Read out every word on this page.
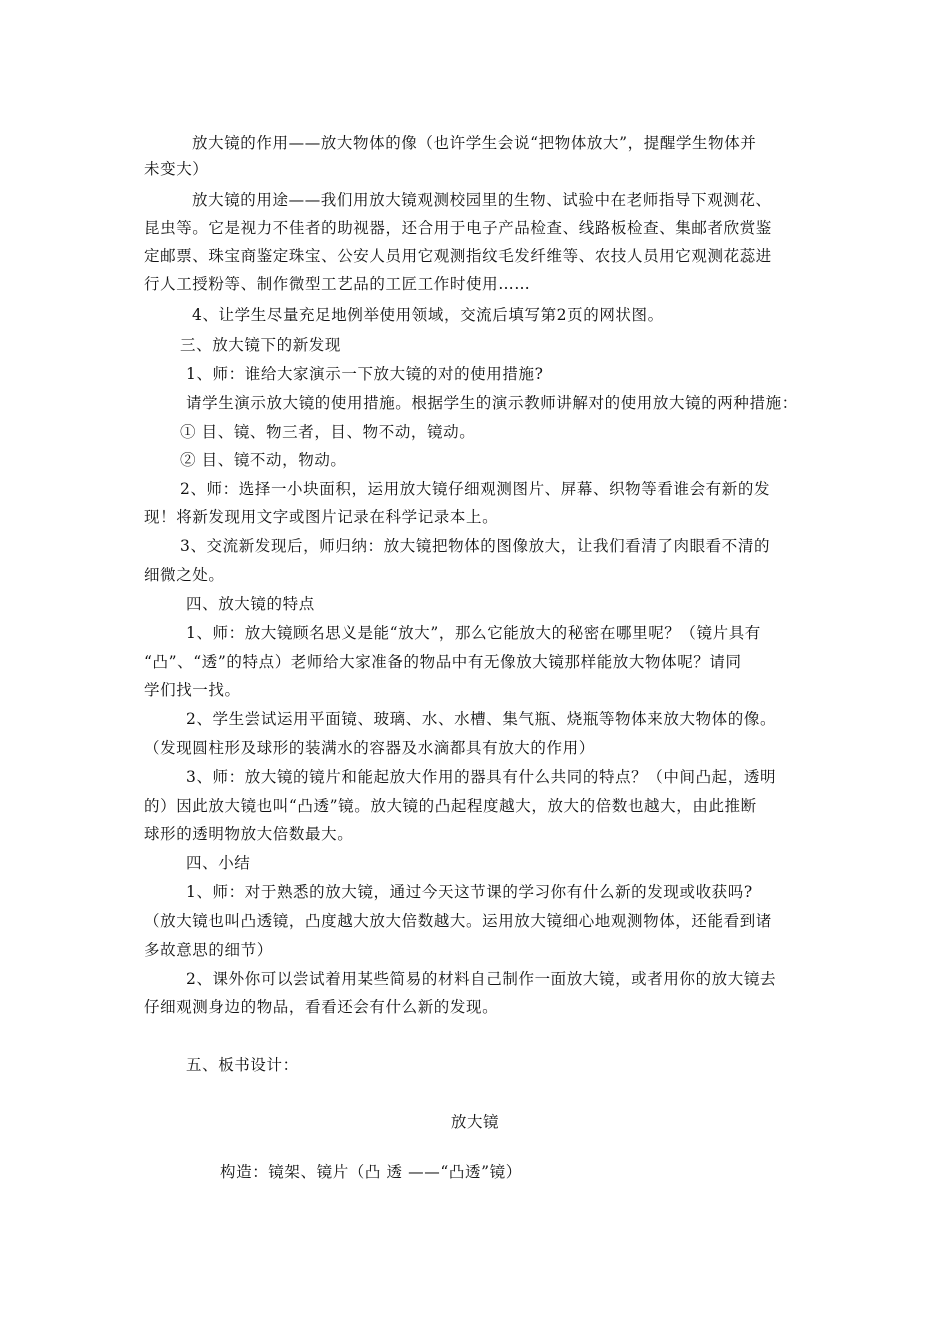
放大镜的作用——放大物体的像（也许学生会说“把物体放大”，提醒学生物体并
未变大）
放大镜的用途——我们用放大镜观测校园里的生物、试验中在老师指导下观测花、
昆虫等。它是视力不佳者的助视器，还合用于电子产品检查、线路板检查、集邮者欣赏鉴
定邮票、珠宝商鉴定珠宝、公安人员用它观测指纹毛发纤维等、农技人员用它观测花蕊进
行人工授粉等、制作微型工艺品的工匠工作时使用……
4、让学生尽量充足地例举使用领域，交流后填写第2页的网状图。
三、放大镜下的新发现
1、师：谁给大家演示一下放大镜的对的使用措施?
请学生演示放大镜的使用措施。根据学生的演示教师讲解对的使用放大镜的两种措施：
① 目、镜、物三者，目、物不动，镜动。
② 目、镜不动，物动。
2、师：选择一小块面积，运用放大镜仔细观测图片、屏幕、织物等看谁会有新的发
现！将新发现用文字或图片记录在科学记录本上。
3、交流新发现后，师归纳：放大镜把物体的图像放大，让我们看清了肉眼看不清的
细微之处。
四、放大镜的特点
1、师：放大镜顾名思义是能“放大”，那么它能放大的秘密在哪里呢？（镜片具有
“凸”、“透”的特点）老师给大家准备的物品中有无像放大镜那样能放大物体呢？请同
学们找一找。
2、学生尝试运用平面镜、玻璃、水、水槽、集气瓶、烧瓶等物体来放大物体的像。
（发现圆柱形及球形的装满水的容器及水滴都具有放大的作用）
3、师：放大镜的镜片和能起放大作用的器具有什么共同的特点？（中间凸起，透明
的）因此放大镜也叫“凸透”镜。放大镜的凸起程度越大，放大的倍数也越大，由此推断
球形的透明物放大倍数最大。
四、小结
1、师：对于熟悉的放大镜，通过今天这节课的学习你有什么新的发现或收获吗?
（放大镜也叫凸透镜，凸度越大放大倍数越大。运用放大镜细心地观测物体，还能看到诸
多故意思的细节）
2、课外你可以尝试着用某些简易的材料自己制作一面放大镜，或者用你的放大镜去
仔细观测身边的物品，看看还会有什么新的发现。
五、板书设计：
放大镜
构造：镜架、镜片（凸 透 ——“凸透”镜）
